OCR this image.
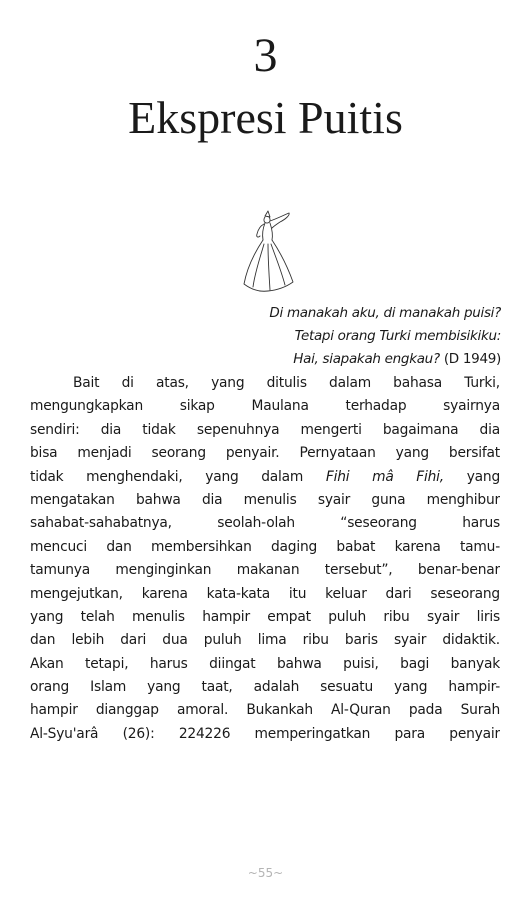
3
Ekspresi Puitis
Di manakah aku, di manakah puisi?
Tetapi orang Turki membisikiku:
Hai, siapakah engkau? (D 1949)
Bait di atas, yang ditulis dalam bahasa Turki,
mengungkapkan sikap Maulana terhadap syairnya
sendiri: dia tidak sepenuhnya mengerti bagaimana dia
bisa menjadi seorang penyair. Pernyataan yang bersifat
tidak menghendaki, yang dalam Fihi mâ Fihi, yang
mengatakan bahwa dia menulis syair guna menghibur
sahabat-sahabatnya, seolah-olah “seseorang harus
mencuci dan membersihkan daging babat karena tamu-
tamunya menginginkan makanan tersebut”, benar-benar
mengejutkan, karena kata-kata itu keluar dari seseorang
yang telah menulis hampir empat puluh ribu syair liris
dan lebih dari dua puluh lima ribu baris syair didaktik.
Akan tetapi, harus diingat bahwa puisi, bagi banyak
orang Islam yang taat, adalah sesuatu yang hampir-
hampir dianggap amoral. Bukankah Al-Quran pada Surah
Al-Syu'arâ (26): 224226 memperingatkan para penyair
~55~
